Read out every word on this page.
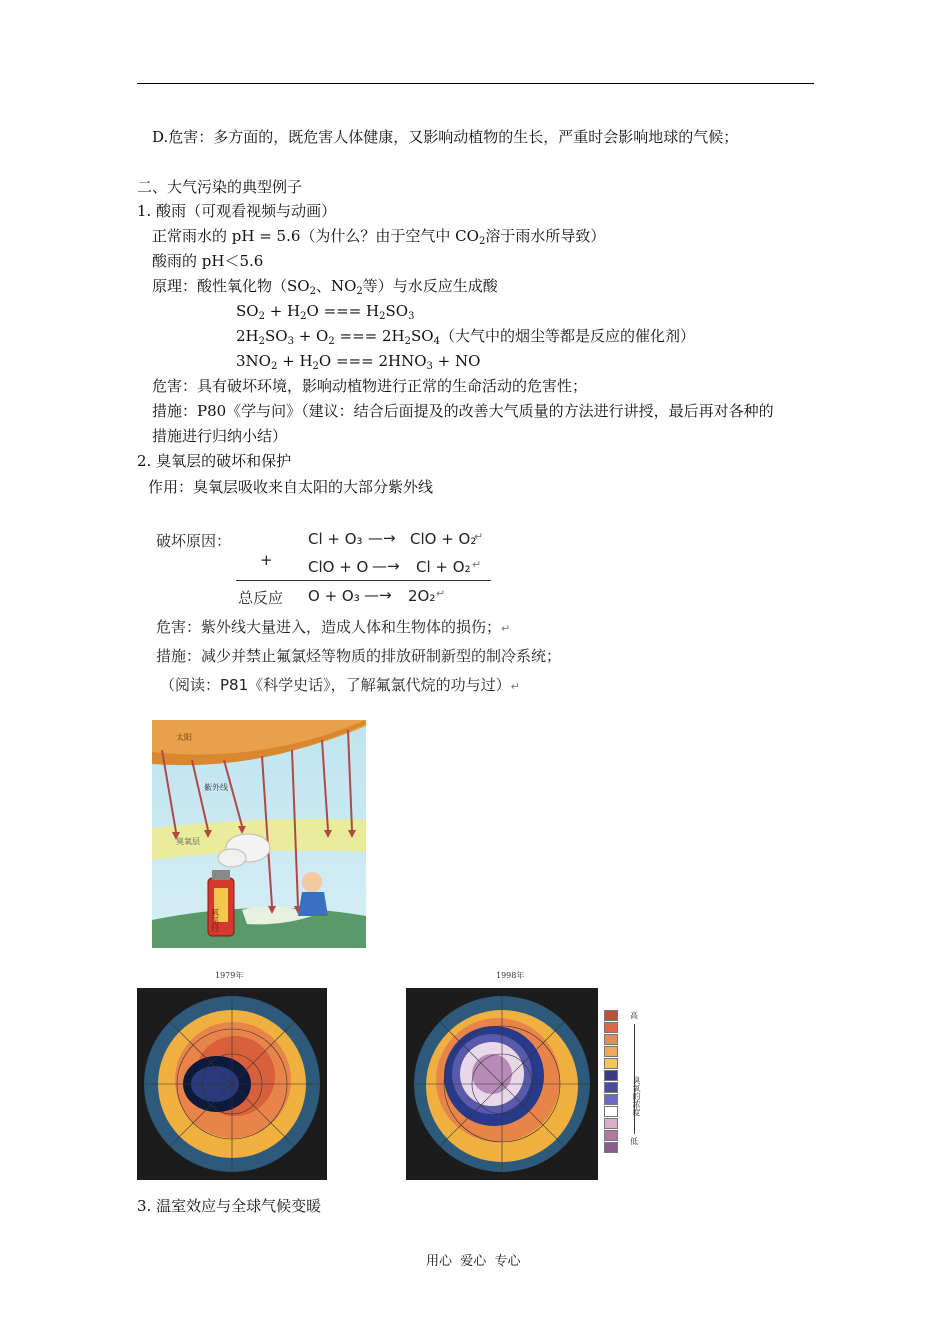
D.危害：多方面的，既危害人体健康，又影响动植物的生长，严重时会影响地球的气候；
二、大气污染的典型例子
1. 酸雨（可观看视频与动画）
正常雨水的 pH = 5.6（为什么？由于空气中 $CO_2$溶于雨水所导致）
酸雨的 pH＜5.6
原理：酸性氧化物（$SO_2$、$NO_2$等）与水反应生成酸
$SO_2 + H_2O$ === $H_2SO_3$
$2H_2SO_3 + O_2$ === $2H_2SO_4$（大气中的烟尘等都是反应的催化剂）
$3NO_2 + H_2O$ === $2HNO_3$ + NO
危害：具有破坏环境，影响动植物进行正常的生命活动的危害性；
措施：P80《学与问》（建议：结合后面提及的改善大气质量的方法进行讲授，最后再对各种的
措施进行归纳小结）
2. 臭氧层的破坏和保护
作用：臭氧层吸收来自太阳的大部分紫外线
破坏原因：	Cl + O₃ —→ ClO + O₂
↵
+ ClO + O —→ Cl + O₂ ↵
总反应 O + O₃ —→ 2O₂ ↵
危害：紫外线大量进入，造成人体和生物体的损伤；↵
措施：减少并禁止氟氯烃等物质的排放研制新型的制冷系统；
（阅读：P81《科学史话》，了解氟氯代烷的功与过）↵
太阳
紫外线
臭氧层
氟氯烃
1979年	1998年
高
臭氧的浓度
低
3. 温室效应与全球气候变暖
用心  爱心  专心
